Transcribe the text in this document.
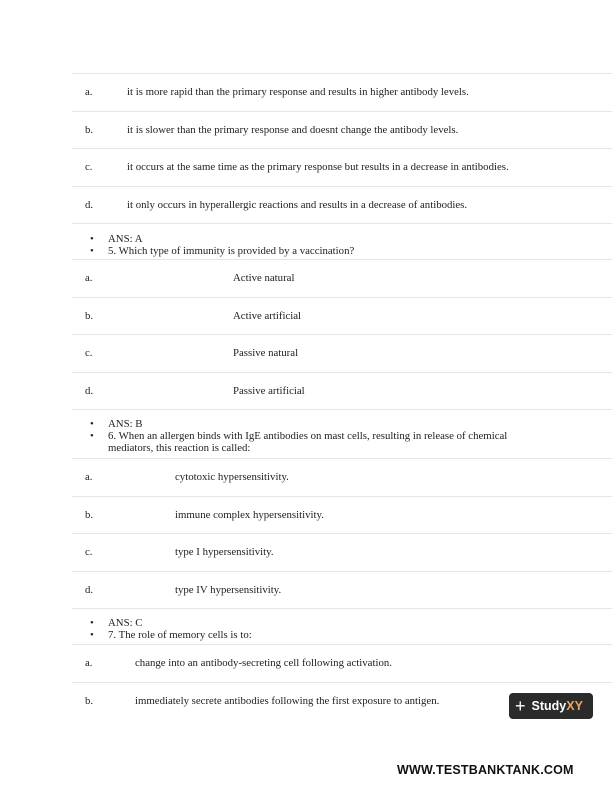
a.	it is more rapid than the primary response and results in higher antibody levels.
b.	it is slower than the primary response and doesnt change the antibody levels.
c.	it occurs at the same time as the primary response but results in a decrease in antibodies.
d.	it only occurs in hyperallergic reactions and results in a decrease of antibodies.
• ANS: A
• 5. Which type of immunity is provided by a vaccination?
a.	Active natural
b.	Active artificial
c.	Passive natural
d.	Passive artificial
• ANS: B
• 6. When an allergen binds with IgE antibodies on mast cells, resulting in release of chemical mediators, this reaction is called:
a.	cytotoxic hypersensitivity.
b.	immune complex hypersensitivity.
c.	type I hypersensitivity.
d.	type IV hypersensitivity.
• ANS: C
• 7. The role of memory cells is to:
a.	change into an antibody-secreting cell following activation.
b.	immediately secrete antibodies following the first exposure to antigen.	+ Study XY
WWW.TESTBANKTANK.COM
